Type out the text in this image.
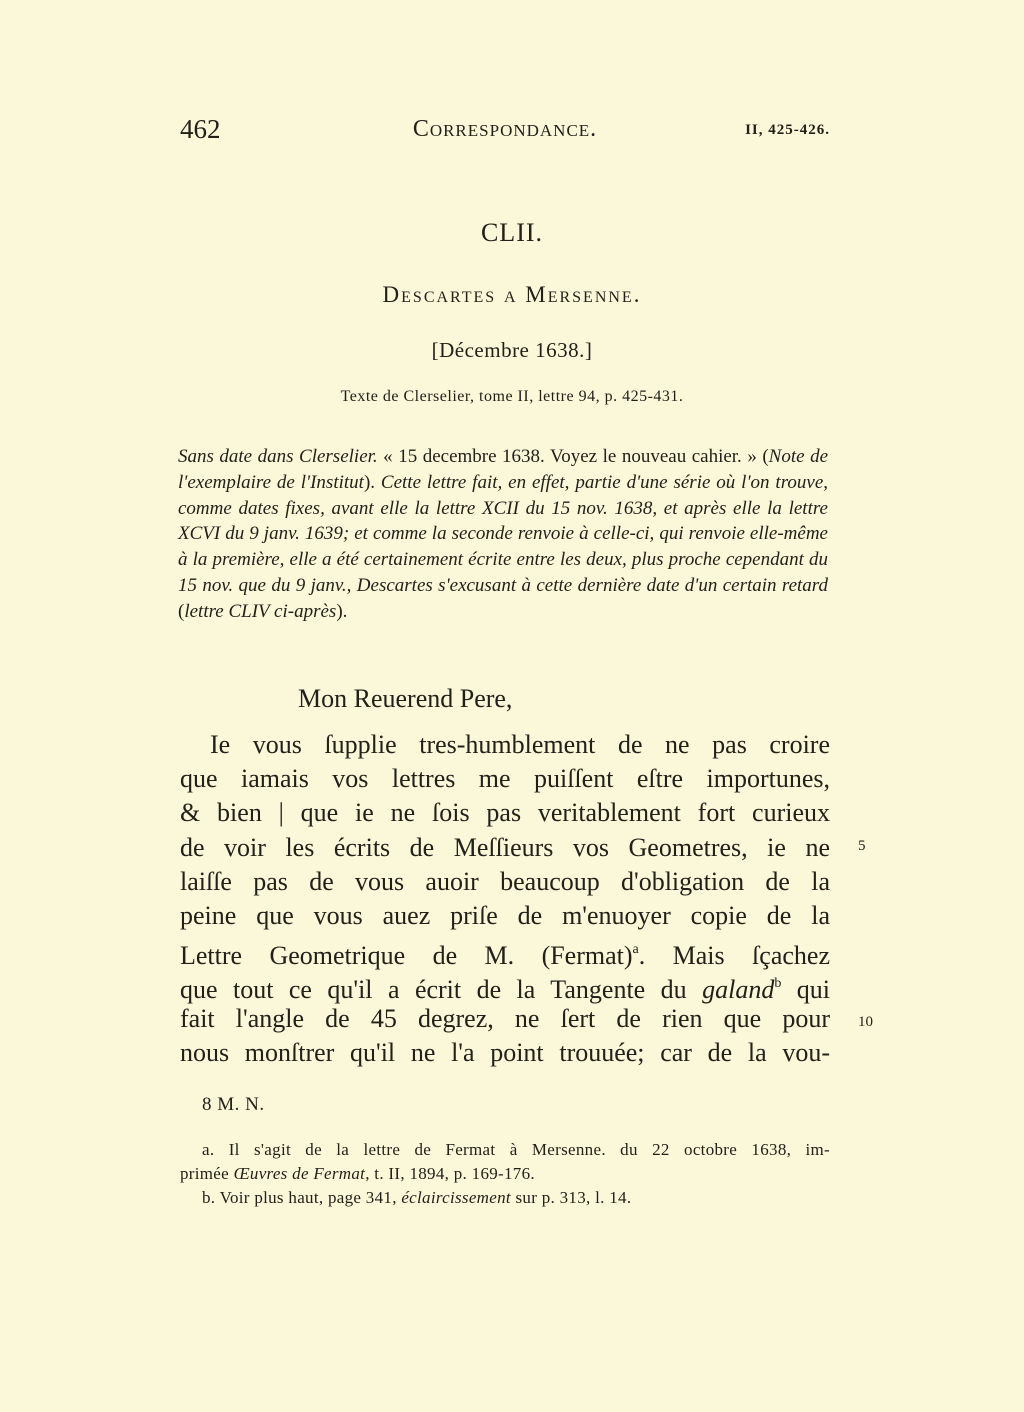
462	Correspondance.	II, 425-426.
CLII.
Descartes a Mersenne.
[Décembre 1638.]
Texte de Clerselier, tome II, lettre 94, p. 425-431.
Sans date dans Clerselier. « 15 decembre 1638. Voyez le nouveau cahier. » (Note de l'exemplaire de l'Institut). Cette lettre fait, en effet, partie d'une série où l'on trouve, comme dates fixes, avant elle la lettre XCII du 15 nov. 1638, et après elle la lettre XCVI du 9 janv. 1639; et comme la seconde renvoie à celle-ci, qui renvoie elle-même à la première, elle a été certainement écrite entre les deux, plus proche cependant du 15 nov. que du 9 janv., Descartes s'excusant à cette dernière date d'un certain retard (lettre CLIV ci-après).
Mon Reuerend Pere,
Ie vous ſupplie tres-humblement de ne pas croire
que iamais vos lettres me puiſſent eſtre importunes,
& bien | que ie ne ſois pas veritablement fort curieux
de voir les écrits de Meſſieurs vos Geometres, ie ne
laiſſe pas de vous auoir beaucoup d'obligation de la
peine que vous auez priſe de m'enuoyer copie de la
Lettre Geometrique de M. (Fermat)$^a$. Mais ſçachez
que tout ce qu'il a écrit de la Tangente du galand$^b$ qui
fait l'angle de 45 degrez, ne ſert de rien que pour
nous monſtrer qu'il ne l'a point trouuée; car de la vou-
5
10
8 M. N.
a. Il s'agit de la lettre de Fermat à Mersenne. du 22 octobre 1638, im-
primée Œuvres de Fermat, t. II, 1894, p. 169-176.
b. Voir plus haut, page 341, éclaircissement sur p. 313, l. 14.
